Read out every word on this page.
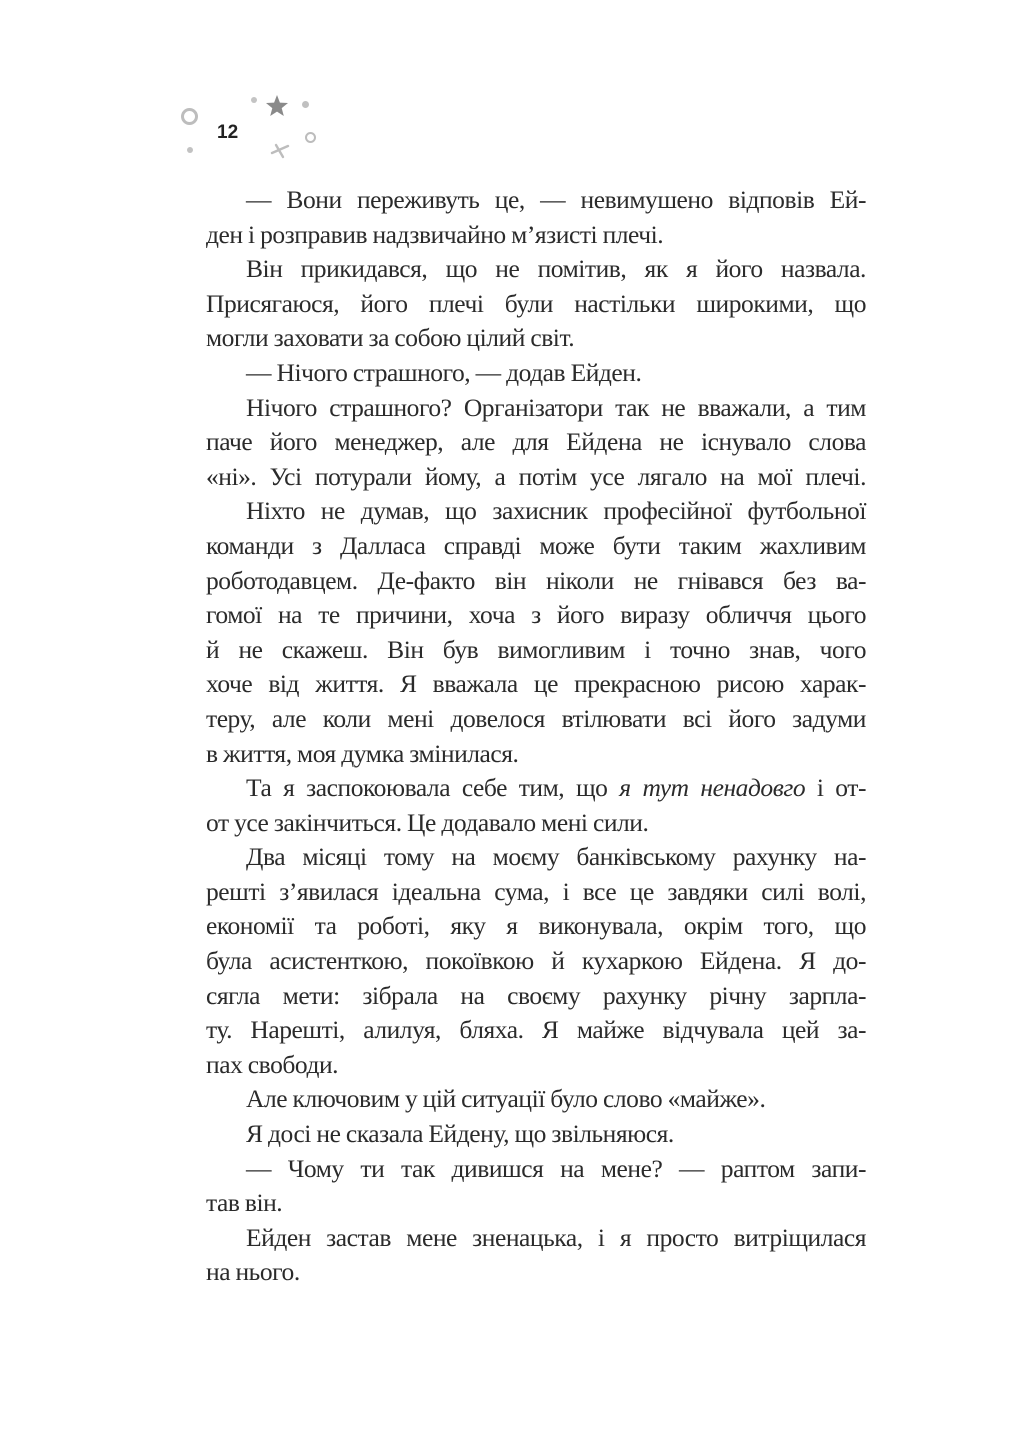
12
— Вони переживуть це, — невимушено відповів Ей-
ден і розправив надзвичайно м’язисті плечі.
Він прикидався, що не помітив, як я його назвала.
Присягаюся, його плечі були настільки широкими, що
могли заховати за собою цілий світ.
— Нічого страшного, — додав Ейден.
Нічого страшного? Організатори так не вважали, а тим
паче його менеджер, але для Ейдена не існувало слова
«ні». Усі потурали йому, а потім усе лягало на мої плечі.
Ніхто не думав, що захисник професійної футбольної
команди з Далласа справді може бути таким жахливим
роботодавцем. Де-факто він ніколи не гнівався без ва-
гомої на те причини, хоча з його виразу обличчя цього
й не скажеш. Він був вимогливим і точно знав, чого
хоче від життя. Я вважала це прекрасною рисою харак-
теру, але коли мені довелося втілювати всі його задуми
в життя, моя думка змінилася.
Та я заспокоювала себе тим, що я тут ненадовго і от-
от усе закінчиться. Це додавало мені сили.
Два місяці тому на моєму банківському рахунку на-
решті з’явилася ідеальна сума, і все це завдяки силі волі,
економії та роботі, яку я виконувала, окрім того, що
була асистенткою, покоївкою й кухаркою Ейдена. Я до-
сягла мети: зібрала на своєму рахунку річну зарпла-
ту. Нарешті, алилуя, бляха. Я майже відчувала цей за-
пах свободи.
Але ключовим у цій ситуації було слово «майже».
Я досі не сказала Ейдену, що звільняюся.
— Чому ти так дивишся на мене? — раптом запи-
тав він.
Ейден застав мене зненацька, і я просто витріщилася
на нього.
